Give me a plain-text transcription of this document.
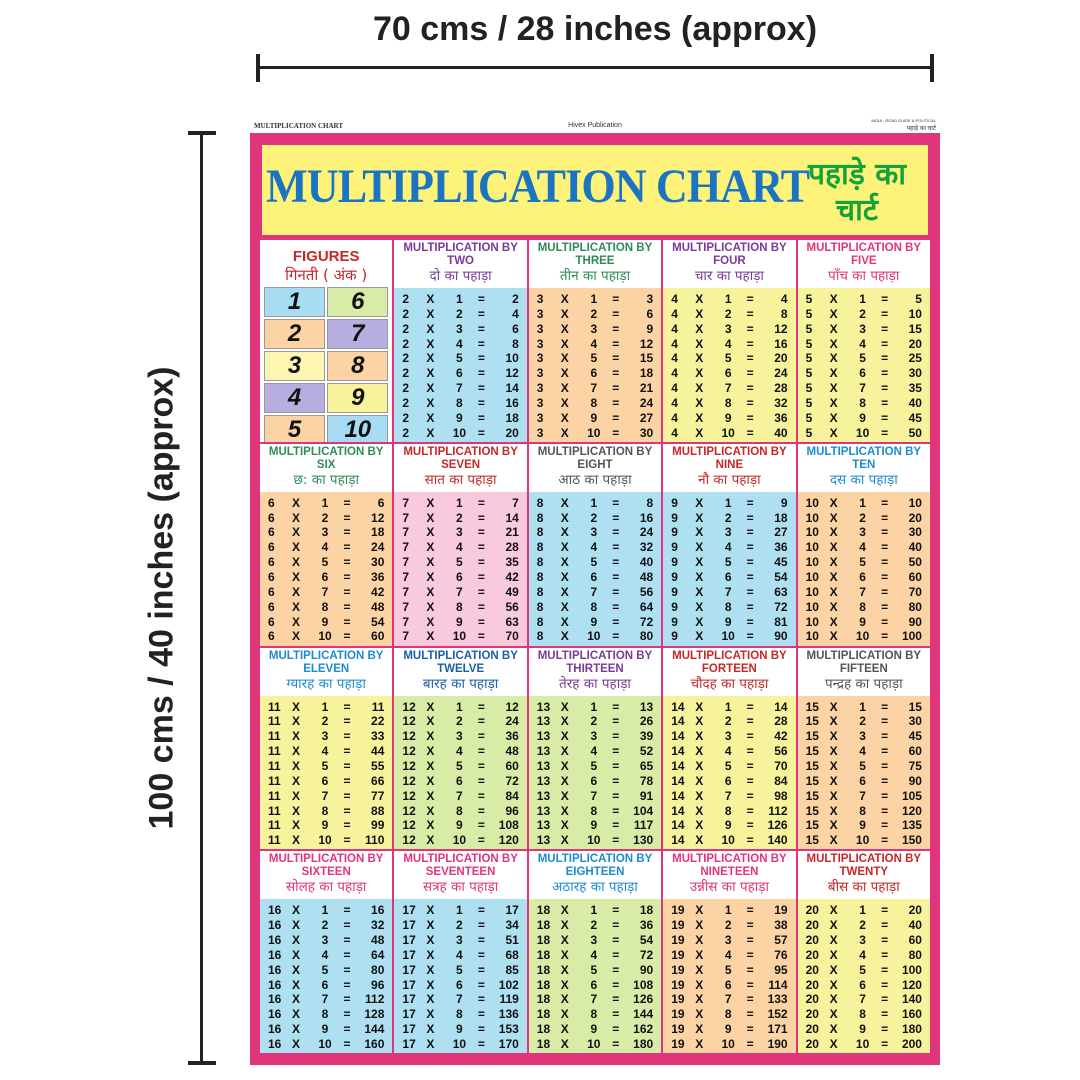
70 cms / 28 inches (approx)
100 cms / 40 inches (approx)
MULTIPLICATION CHART	Hivex Publication
INDIA - ROAD GUIDE & POLITICAL
पहाड़े का चार्ट
MULTIPLICATION CHART
पहाड़े का चार्ट
FIGURES
गिनती ( अंक )
1	6
2	7
3	8
4	9
5	10
MULTIPLICATION BY
TWO
दो का पहाड़ा
2	X	1	=	2
2	X	2	=	4
2	X	3	=	6
2	X	4	=	8
2	X	5	=	10
2	X	6	=	12
2	X	7	=	14
2	X	8	=	16
2	X	9	=	18
2	X	10 =	20
MULTIPLICATION BY
THREE
तीन का पहाड़ा
3	X	1	=	3
3	X	2	=	6
3	X	3	=	9
3	X	4	=	12
3	X	5	=	15
3	X	6	=	18
3	X	7	=	21
3	X	8	=	24
3	X	9	=	27
3	X	10 =	30
MULTIPLICATION BY
FOUR
चार का पहाड़ा
4	X	1	=	4
4	X	2	=	8
4	X	3	=	12
4	X	4	=	16
4	X	5	=	20
4	X	6	=	24
4	X	7	=	28
4	X	8	=	32
4	X	9	=	36
4	X	10 =	40
MULTIPLICATION BY
FIVE
पाँच का पहाड़ा
5	X	1	=	5
5	X	2	=	10
5	X	3	=	15
5	X	4	=	20
5	X	5	=	25
5	X	6	=	30
5	X	7	=	35
5	X	8	=	40
5	X	9	=	45
5	X	10 =	50
MULTIPLICATION BY
SIX
छ: का पहाड़ा
6	X	1	=	6
6	X	2	=	12
6	X	3	=	18
6	X	4	=	24
6	X	5	=	30
6	X	6	=	36
6	X	7	=	42
6	X	8	=	48
6	X	9	=	54
6	X	10 =	60
MULTIPLICATION BY
SEVEN
सात का पहाड़ा
7	X	1	=	7
7	X	2	=	14
7	X	3	=	21
7	X	4	=	28
7	X	5	=	35
7	X	6	=	42
7	X	7	=	49
7	X	8	=	56
7	X	9	=	63
7	X	10 =	70
MULTIPLICATION BY
EIGHT
आठ का पहाड़ा
8	X	1	=	8
8	X	2	=	16
8	X	3	=	24
8	X	4	=	32
8	X	5	=	40
8	X	6	=	48
8	X	7	=	56
8	X	8	=	64
8	X	9	=	72
8	X	10 =	80
MULTIPLICATION BY
NINE
नौ का पहाड़ा
9	X	1	=	9
9	X	2	=	18
9	X	3	=	27
9	X	4	=	36
9	X	5	=	45
9	X	6	=	54
9	X	7	=	63
9	X	8	=	72
9	X	9	=	81
9	X	10 =	90
MULTIPLICATION BY
TEN
दस का पहाड़ा
10 X	1	=	10
10 X	2	=	20
10 X	3	=	30
10 X	4	=	40
10 X	5	=	50
10 X	6	=	60
10 X	7	=	70
10 X	8	=	80
10 X	9	=	90
10 X	10 =	100
MULTIPLICATION BY
ELEVEN
ग्यारह का पहाड़ा
11 X	1	=	11
11 X	2	=	22
11 X	3	=	33
11 X	4	=	44
11 X	5	=	55
11 X	6	=	66
11 X	7	=	77
11 X	8	=	88
11 X	9	=	99
11 X	10 =	110
MULTIPLICATION BY
TWELVE
बारह का पहाड़ा
12 X	1	=	12
12 X	2	=	24
12 X	3	=	36
12 X	4	=	48
12 X	5	=	60
12 X	6	=	72
12 X	7	=	84
12 X	8	=	96
12 X	9	=	108
12 X	10 =	120
MULTIPLICATION BY
THIRTEEN
तेरह का पहाड़ा
13 X	1	=	13
13 X	2	=	26
13 X	3	=	39
13 X	4	=	52
13 X	5	=	65
13 X	6	=	78
13 X	7	=	91
13 X	8	=	104
13 X	9	=	117
13 X	10 =	130
MULTIPLICATION BY
FORTEEN
चौदह का पहाड़ा
14 X	1	=	14
14 X	2	=	28
14 X	3	=	42
14 X	4	=	56
14 X	5	=	70
14 X	6	=	84
14 X	7	=	98
14 X	8	=	112
14 X	9	=	126
14 X	10 =	140
MULTIPLICATION BY
FIFTEEN
पन्द्रह का पहाड़ा
15 X	1	=	15
15 X	2	=	30
15 X	3	=	45
15 X	4	=	60
15 X	5	=	75
15 X	6	=	90
15 X	7	=	105
15 X	8	=	120
15 X	9	=	135
15 X	10 =	150
MULTIPLICATION BY
SIXTEEN
सोलह का पहाड़ा
16 X	1	=	16
16 X	2	=	32
16 X	3	=	48
16 X	4	=	64
16 X	5	=	80
16 X	6	=	96
16 X	7	=	112
16 X	8	=	128
16 X	9	=	144
16 X	10 =	160
MULTIPLICATION BY
SEVENTEEN
सत्रह का पहाड़ा
17 X	1	=	17
17 X	2	=	34
17 X	3	=	51
17 X	4	=	68
17 X	5	=	85
17 X	6	=	102
17 X	7	=	119
17 X	8	=	136
17 X	9	=	153
17 X	10 =	170
MULTIPLICATION BY
EIGHTEEN
अठारह का पहाड़ा
18 X	1	=	18
18 X	2	=	36
18 X	3	=	54
18 X	4	=	72
18 X	5	=	90
18 X	6	=	108
18 X	7	=	126
18 X	8	=	144
18 X	9	=	162
18 X	10 =	180
MULTIPLICATION BY
NINETEEN
उन्नीस का पहाड़ा
19 X	1	=	19
19 X	2	=	38
19 X	3	=	57
19 X	4	=	76
19 X	5	=	95
19 X	6	=	114
19 X	7	=	133
19 X	8	=	152
19 X	9	=	171
19 X	10 =	190
MULTIPLICATION BY
TWENTY
बीस का पहाड़ा
20 X	1	=	20
20 X	2	=	40
20 X	3	=	60
20 X	4	=	80
20 X	5	=	100
20 X	6	=	120
20 X	7	=	140
20 X	8	=	160
20 X	9	=	180
20 X	10 =	200
